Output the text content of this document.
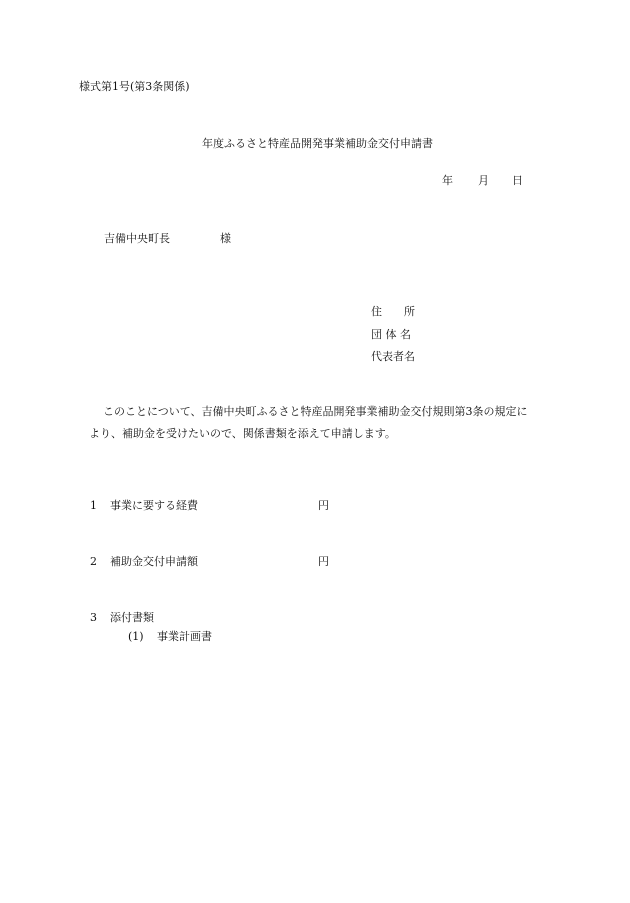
様式第1号(第3条関係)
年度ふるさと特産品開発事業補助金交付申請書
年 月 日
吉備中央町長	様
住　　所
団 体 名
代表者名
このことについて、吉備中央町ふるさと特産品開発事業補助金交付規則第3条の規定に
より、補助金を受けたいので、関係書類を添えて申請します。
1 事業に要する経費	円
2 補助金交付申請額	円
3 添付書類
(1) 事業計画書
